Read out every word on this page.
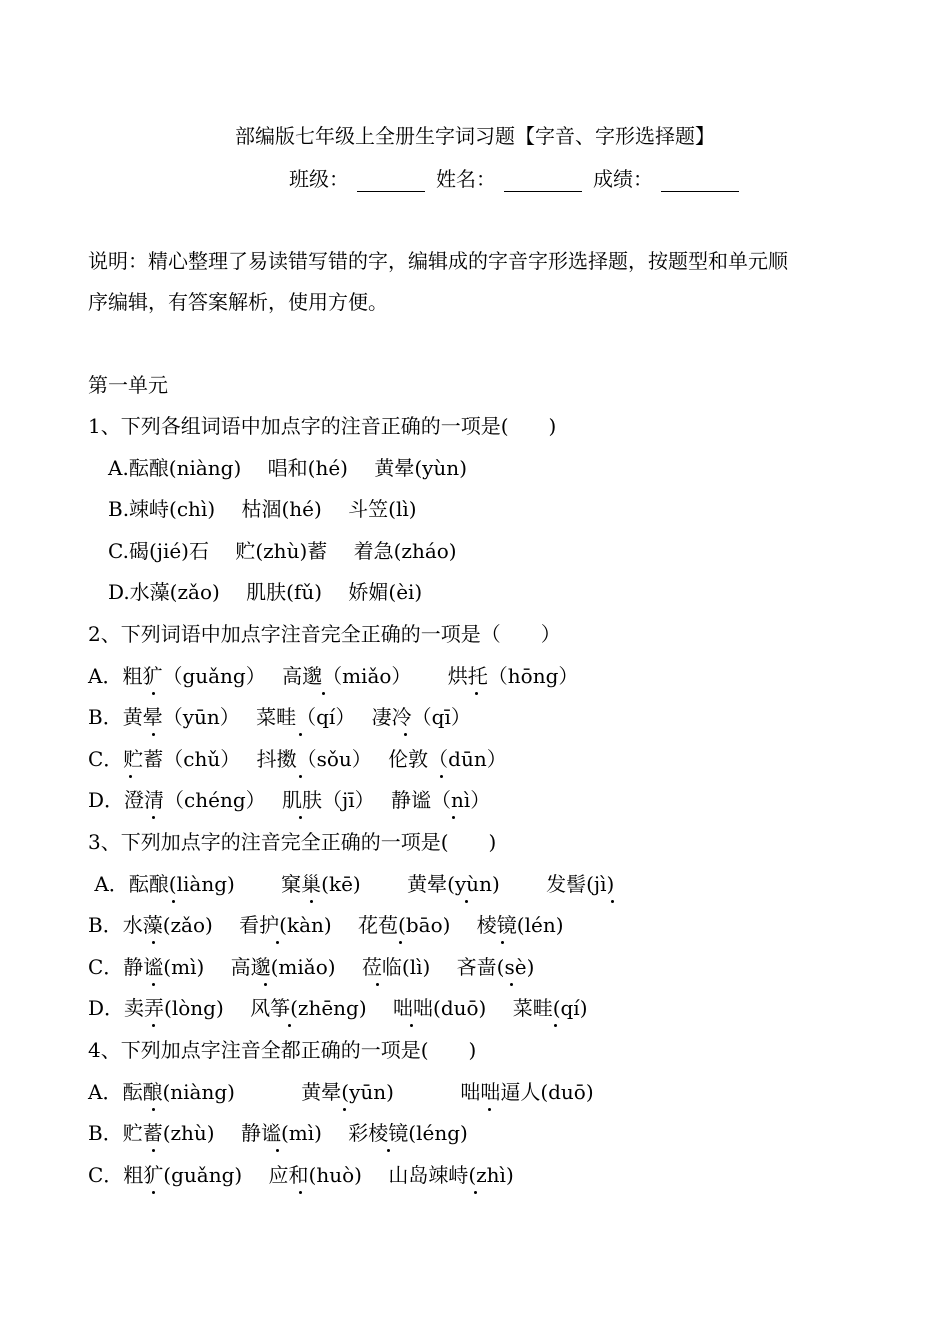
部编版七年级上全册生字词习题【字音、字形选择题】
班级：	姓名：	成绩：
说明：精心整理了易读错写错的字，编辑成的字音字形选择题，按题型和单元顺
序编辑，有答案解析，使用方便。
第一单元
1、下列各组词语中加点字的注音正确的一项是(　　)
　A.酝酿(niàng)　 唱和(hé)　 黄晕(yùn)
　B.竦峙(chì)　 枯涸(hé)　 斗笠(lì)
　C.碣(jié)石　 贮(zhù)蓄　 着急(zháo)
　D.水藻(zǎo)　 肌肤(fǔ)　 娇媚(èi)
2、下列词语中加点字注音完全正确的一项是（　　）
A．粗犷（guǎng）　 高邈（miǎo）　　 烘托（hōng）
B．黄晕（yūn）　 菜畦（qí）　 凄冷（qī）
C．贮蓄（chǔ）　 抖擞（sǒu）　 伦敦（dūn）
D．澄清（chéng）　 肌肤（jī）　 静谧（nì）
3、下列加点字的注音完全正确的一项是(　　)
A．酝酿(liàng)　　 窠巢(kē)　　 黄晕(yùn)　　 发髻(jì)
B．水藻(zǎo)　 看护(kàn)　 花苞(bāo)　 棱镜(lén)
C．静谧(mì)　 高邈(miǎo)　 莅临(lì)　 吝啬(sè)
D．卖弄(lòng)　 风筝(zhēng)　 咄咄(duō)　 菜畦(qí)
4、下列加点字注音全都正确的一项是(　　)
A．酝酿(niàng)　　　 黄晕(yūn)　　　 咄咄逼人(duō)
B．贮蓄(zhù)　 静谧(mì)　 彩棱镜(léng)
C．粗犷(guǎng)　 应和(huò)　 山岛竦峙(zhì)
